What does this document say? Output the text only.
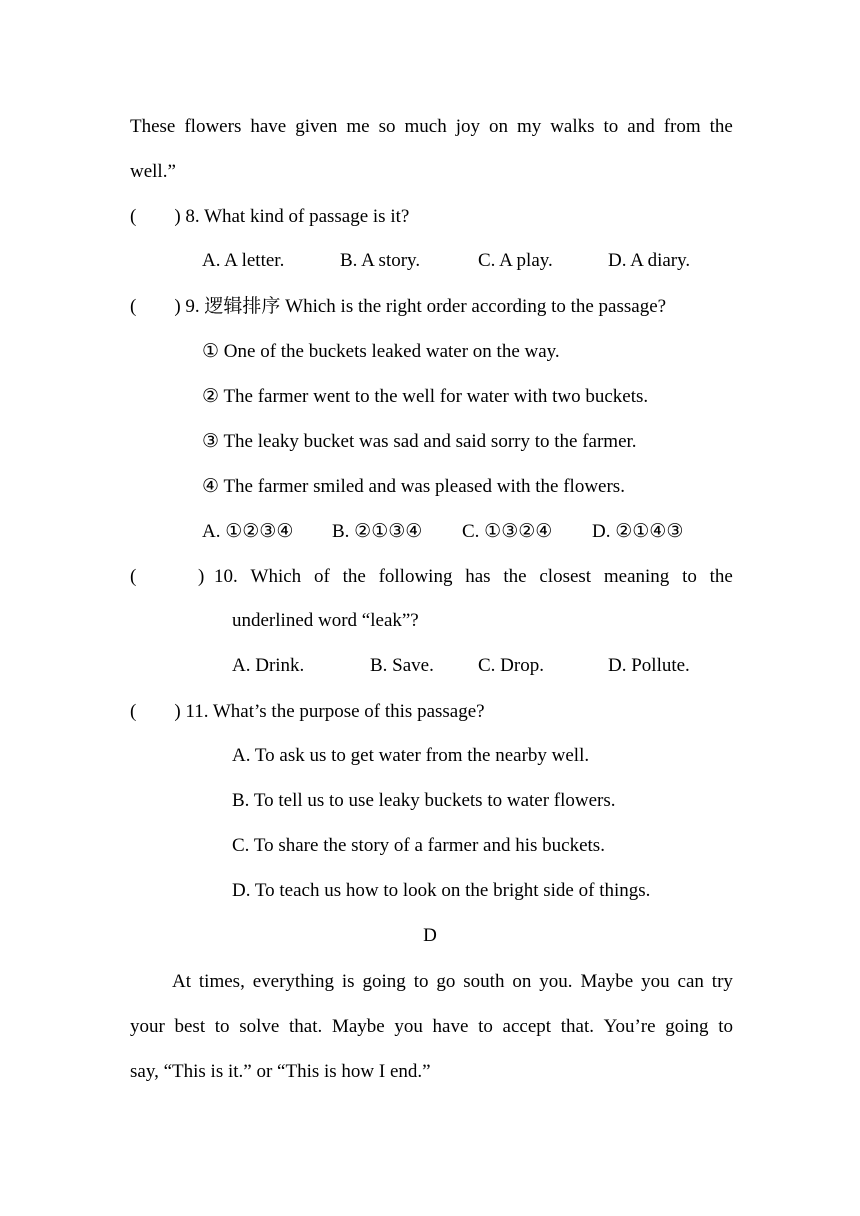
These flowers have given me so much joy on my walks to and from the
well.”
( ) 8. What kind of passage is it?
A. A letter.	B. A story.	C. A play.	D. A diary.
( ) 9. 逻辑排序 Which is the right order according to the passage?
① One of the buckets leaked water on the way.
② The farmer went to the well for water with two buckets.
③ The leaky bucket was sad and said sorry to the farmer.
④ The farmer smiled and was pleased with the flowers.
A. ①②③④ B. ②①③④ C. ①③②④ D. ②①④③
(	) 10. Which of the following has the closest meaning to the
underlined word “leak”?
A. Drink.	B. Save. C. Drop.	D. Pollute.
( ) 11. What’s the purpose of this passage?
A. To ask us to get water from the nearby well.
B. To tell us to use leaky buckets to water flowers.
C. To share the story of a farmer and his buckets.
D. To teach us how to look on the bright side of things.
D
At times, everything is going to go south on you. Maybe you can try
your best to solve that. Maybe you have to accept that. You’re going to
say, “This is it.” or “This is how I end.”
